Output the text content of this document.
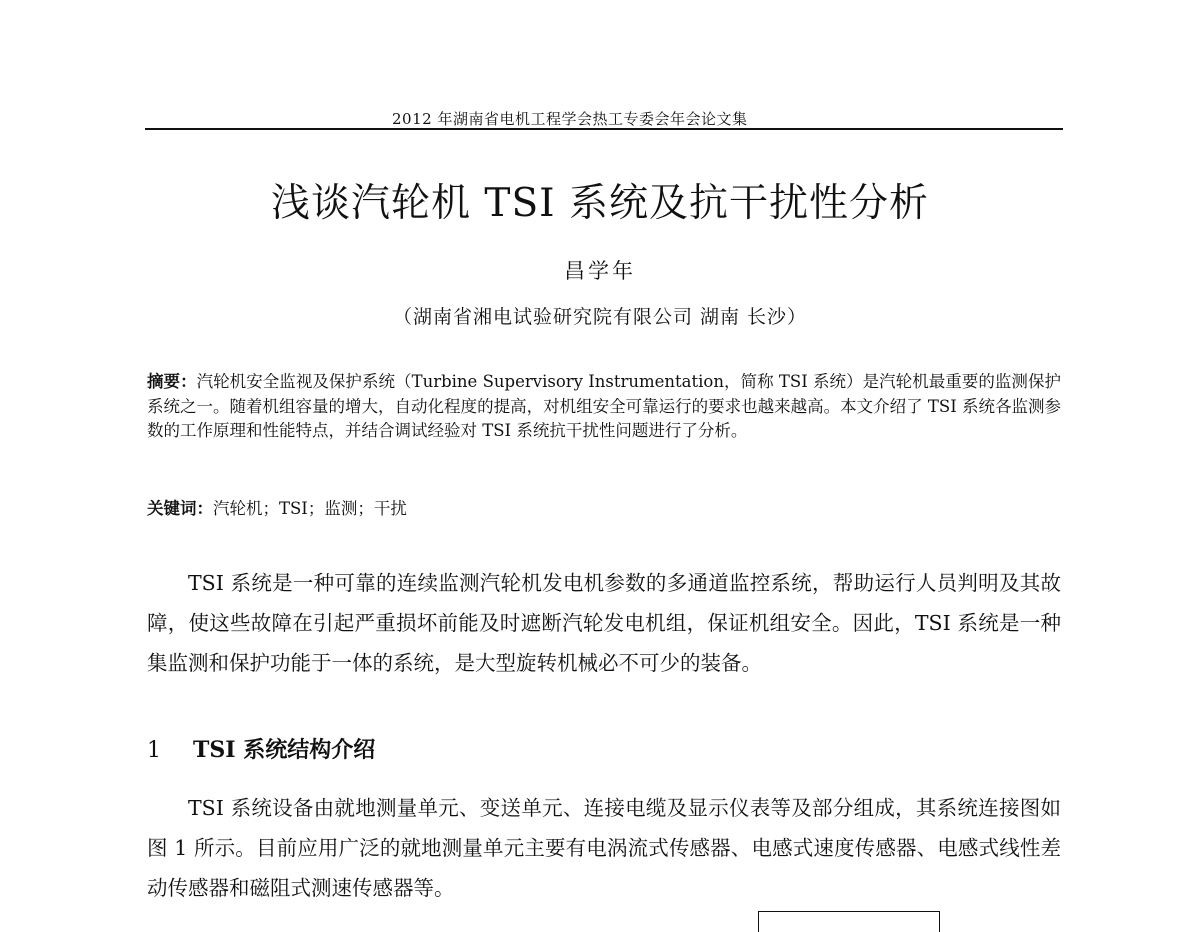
2012 年湖南省电机工程学会热工专委会年会论文集
浅谈汽轮机 TSI 系统及抗干扰性分析
昌学年
（湖南省湘电试验研究院有限公司 湖南 长沙）
摘要：汽轮机安全监视及保护系统（Turbine Supervisory Instrumentation，简称 TSI 系统）是汽轮机最重要的监测保护系统之一。随着机组容量的增大，自动化程度的提高，对机组安全可靠运行的要求也越来越高。本文介绍了 TSI 系统各监测参数的工作原理和性能特点，并结合调试经验对 TSI 系统抗干扰性问题进行了分析。
关键词：汽轮机；TSI；监测；干扰
TSI 系统是一种可靠的连续监测汽轮机发电机参数的多通道监控系统，帮助运行人员判明及其故障，使这些故障在引起严重损坏前能及时遮断汽轮发电机组，保证机组安全。因此，TSI 系统是一种集监测和保护功能于一体的系统，是大型旋转机械必不可少的装备。
1 TSI 系统结构介绍
TSI 系统设备由就地测量单元、变送单元、连接电缆及显示仪表等及部分组成，其系统连接图如图 1 所示。目前应用广泛的就地测量单元主要有电涡流式传感器、电感式速度传感器、电感式线性差动传感器和磁阻式测速传感器等。
